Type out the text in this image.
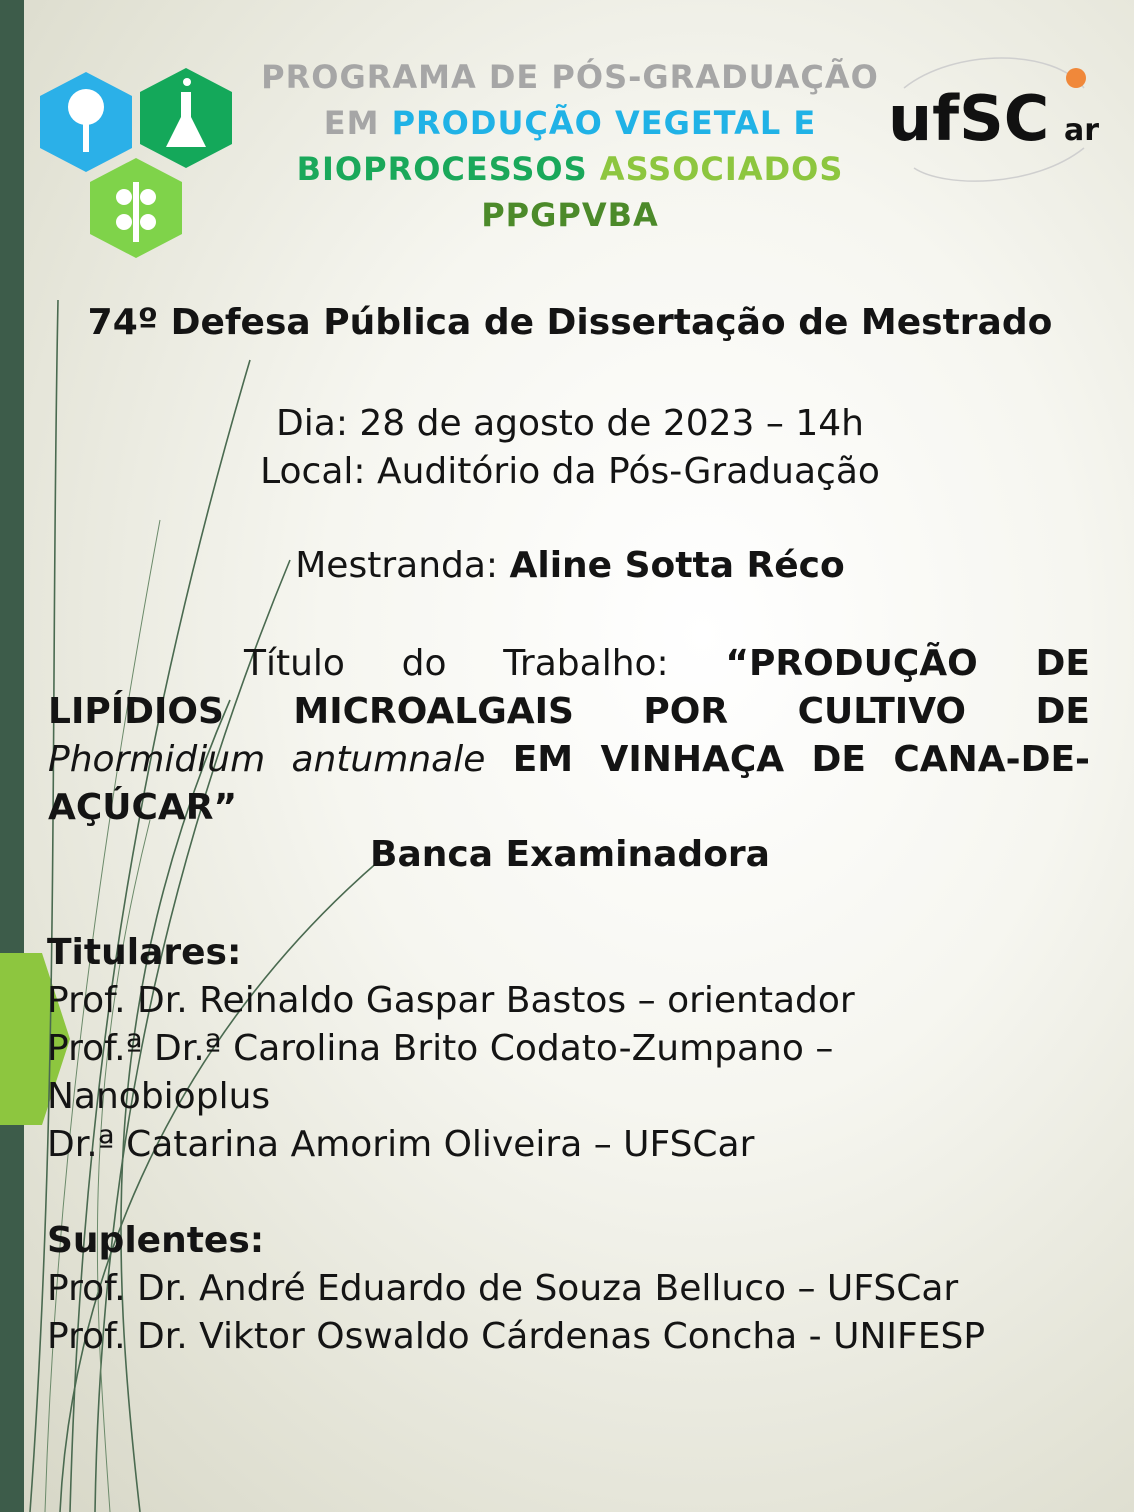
ufSC ar
PROGRAMA DE PÓS-GRADUAÇÃO
EM PRODUÇÃO VEGETAL E
BIOPROCESSOS ASSOCIADOS
PPGPVBA
74º Defesa Pública de Dissertação de Mestrado
Dia: 28 de agosto de 2023 – 14h
Local: Auditório da Pós-Graduação
Mestranda: Aline Sotta Réco
Título do Trabalho: “PRODUÇÃO DE LIPÍDIOS MICROALGAIS POR CULTIVO DE Phormidium antumnale EM VINHAÇA DE CANA-DE-AÇÚCAR”
Banca Examinadora
Titulares:
Prof. Dr. Reinaldo Gaspar Bastos – orientador
Prof.ª Dr.ª Carolina Brito Codato-Zumpano –
Nanobioplus
Dr.ª Catarina Amorim Oliveira – UFSCar
Suplentes:
Prof. Dr. André Eduardo de Souza Belluco – UFSCar
Prof. Dr. Viktor Oswaldo Cárdenas Concha - UNIFESP
